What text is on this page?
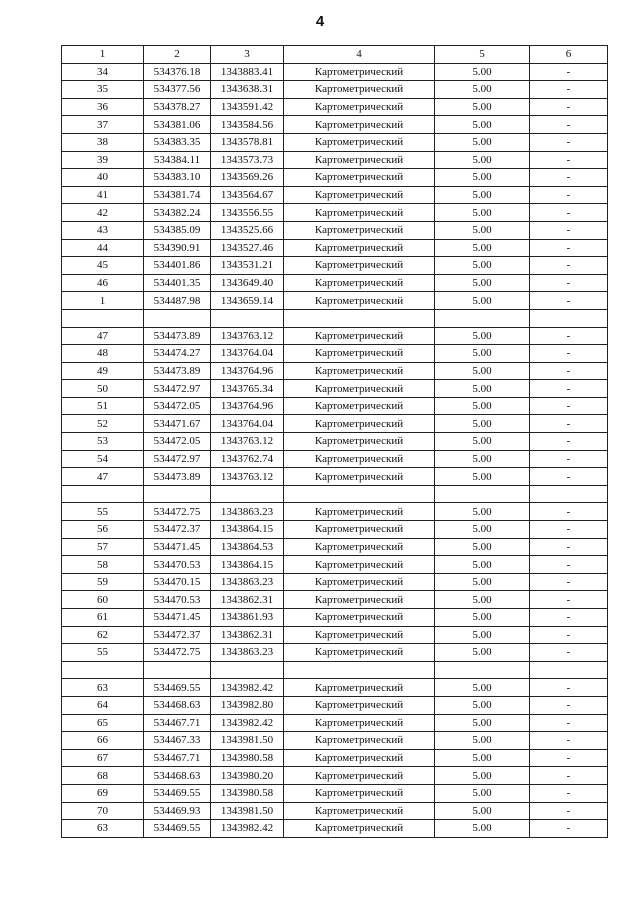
4
1	2	3	4	5	6
34	534376.18	1343883.41	Картометрический	5.00	-
35	534377.56	1343638.31	Картометрический	5.00	-
36	534378.27	1343591.42	Картометрический	5.00	-
37	534381.06	1343584.56	Картометрический	5.00	-
38	534383.35	1343578.81	Картометрический	5.00	-
39	534384.11	1343573.73	Картометрический	5.00	-
40	534383.10	1343569.26	Картометрический	5.00	-
41	534381.74	1343564.67	Картометрический	5.00	-
42	534382.24	1343556.55	Картометрический	5.00	-
43	534385.09	1343525.66	Картометрический	5.00	-
44	534390.91	1343527.46	Картометрический	5.00	-
45	534401.86	1343531.21	Картометрический	5.00	-
46	534401.35	1343649.40	Картометрический	5.00	-
1	534487.98	1343659.14	Картометрический	5.00	-

47	534473.89	1343763.12	Картометрический	5.00	-
48	534474.27	1343764.04	Картометрический	5.00	-
49	534473.89	1343764.96	Картометрический	5.00	-
50	534472.97	1343765.34	Картометрический	5.00	-
51	534472.05	1343764.96	Картометрический	5.00	-
52	534471.67	1343764.04	Картометрический	5.00	-
53	534472.05	1343763.12	Картометрический	5.00	-
54	534472.97	1343762.74	Картометрический	5.00	-
47	534473.89	1343763.12	Картометрический	5.00	-

55	534472.75	1343863.23	Картометрический	5.00	-
56	534472.37	1343864.15	Картометрический	5.00	-
57	534471.45	1343864.53	Картометрический	5.00	-
58	534470.53	1343864.15	Картометрический	5.00	-
59	534470.15	1343863.23	Картометрический	5.00	-
60	534470.53	1343862.31	Картометрический	5.00	-
61	534471.45	1343861.93	Картометрический	5.00	-
62	534472.37	1343862.31	Картометрический	5.00	-
55	534472.75	1343863.23	Картометрический	5.00	-

63	534469.55	1343982.42	Картометрический	5.00	-
64	534468.63	1343982.80	Картометрический	5.00	-
65	534467.71	1343982.42	Картометрический	5.00	-
66	534467.33	1343981.50	Картометрический	5.00	-
67	534467.71	1343980.58	Картометрический	5.00	-
68	534468.63	1343980.20	Картометрический	5.00	-
69	534469.55	1343980.58	Картометрический	5.00	-
70	534469.93	1343981.50	Картометрический	5.00	-
63	534469.55	1343982.42	Картометрический	5.00	-
